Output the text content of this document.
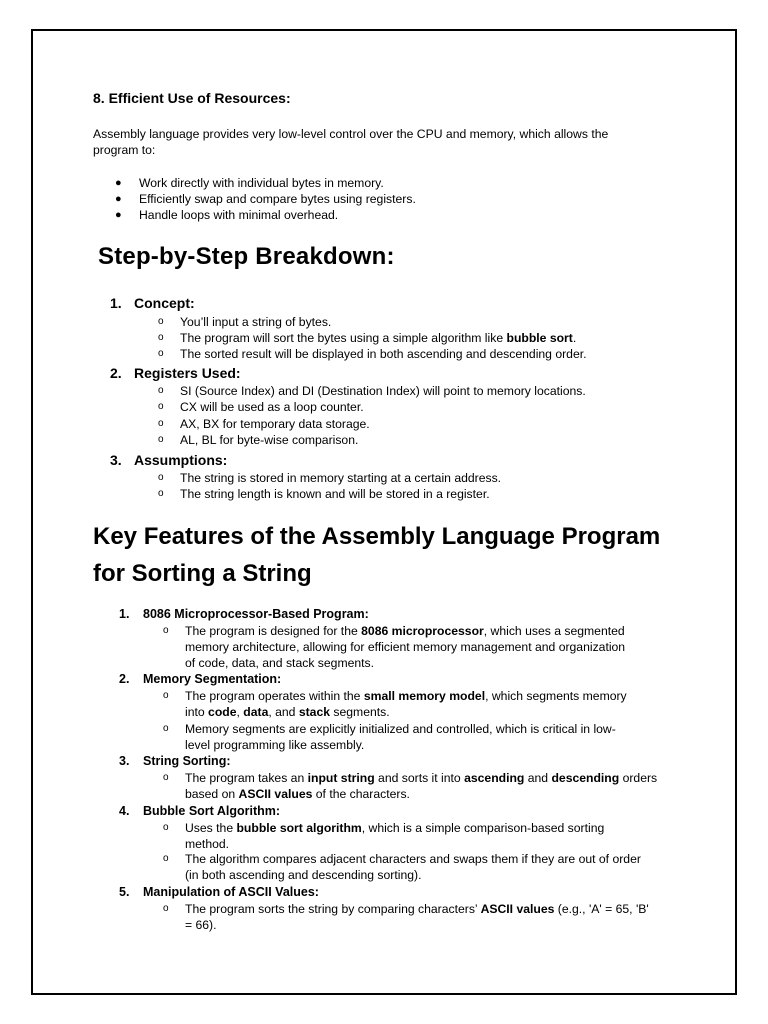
8. Efficient Use of Resources:
Assembly language provides very low-level control over the CPU and memory, which allows the program to:
● Work directly with individual bytes in memory.
● Efficiently swap and compare bytes using registers.
● Handle loops with minimal overhead.
Step-by-Step Breakdown:
1. Concept:
o You’ll input a string of bytes.
o The program will sort the bytes using a simple algorithm like bubble sort.
o The sorted result will be displayed in both ascending and descending order.
2. Registers Used:
o SI (Source Index) and DI (Destination Index) will point to memory locations.
o CX will be used as a loop counter.
o AX, BX for temporary data storage.
o AL, BL for byte-wise comparison.
3. Assumptions:
o The string is stored in memory starting at a certain address.
o The string length is known and will be stored in a register.
Key Features of the Assembly Language Program
for Sorting a String
1. 8086 Microprocessor-Based Program:
o The program is designed for the 8086 microprocessor, which uses a segmented
memory architecture, allowing for efficient memory management and organization
of code, data, and stack segments.
2. Memory Segmentation:
o The program operates within the small memory model, which segments memory
into code, data, and stack segments.
o Memory segments are explicitly initialized and controlled, which is critical in low-
level programming like assembly.
3. String Sorting:
o The program takes an input string and sorts it into ascending and descending orders
based on ASCII values of the characters.
4. Bubble Sort Algorithm:
o Uses the bubble sort algorithm, which is a simple comparison-based sorting
method.
o The algorithm compares adjacent characters and swaps them if they are out of order
(in both ascending and descending sorting).
5. Manipulation of ASCII Values:
o The program sorts the string by comparing characters’ ASCII values (e.g., 'A' = 65, 'B'
= 66).
